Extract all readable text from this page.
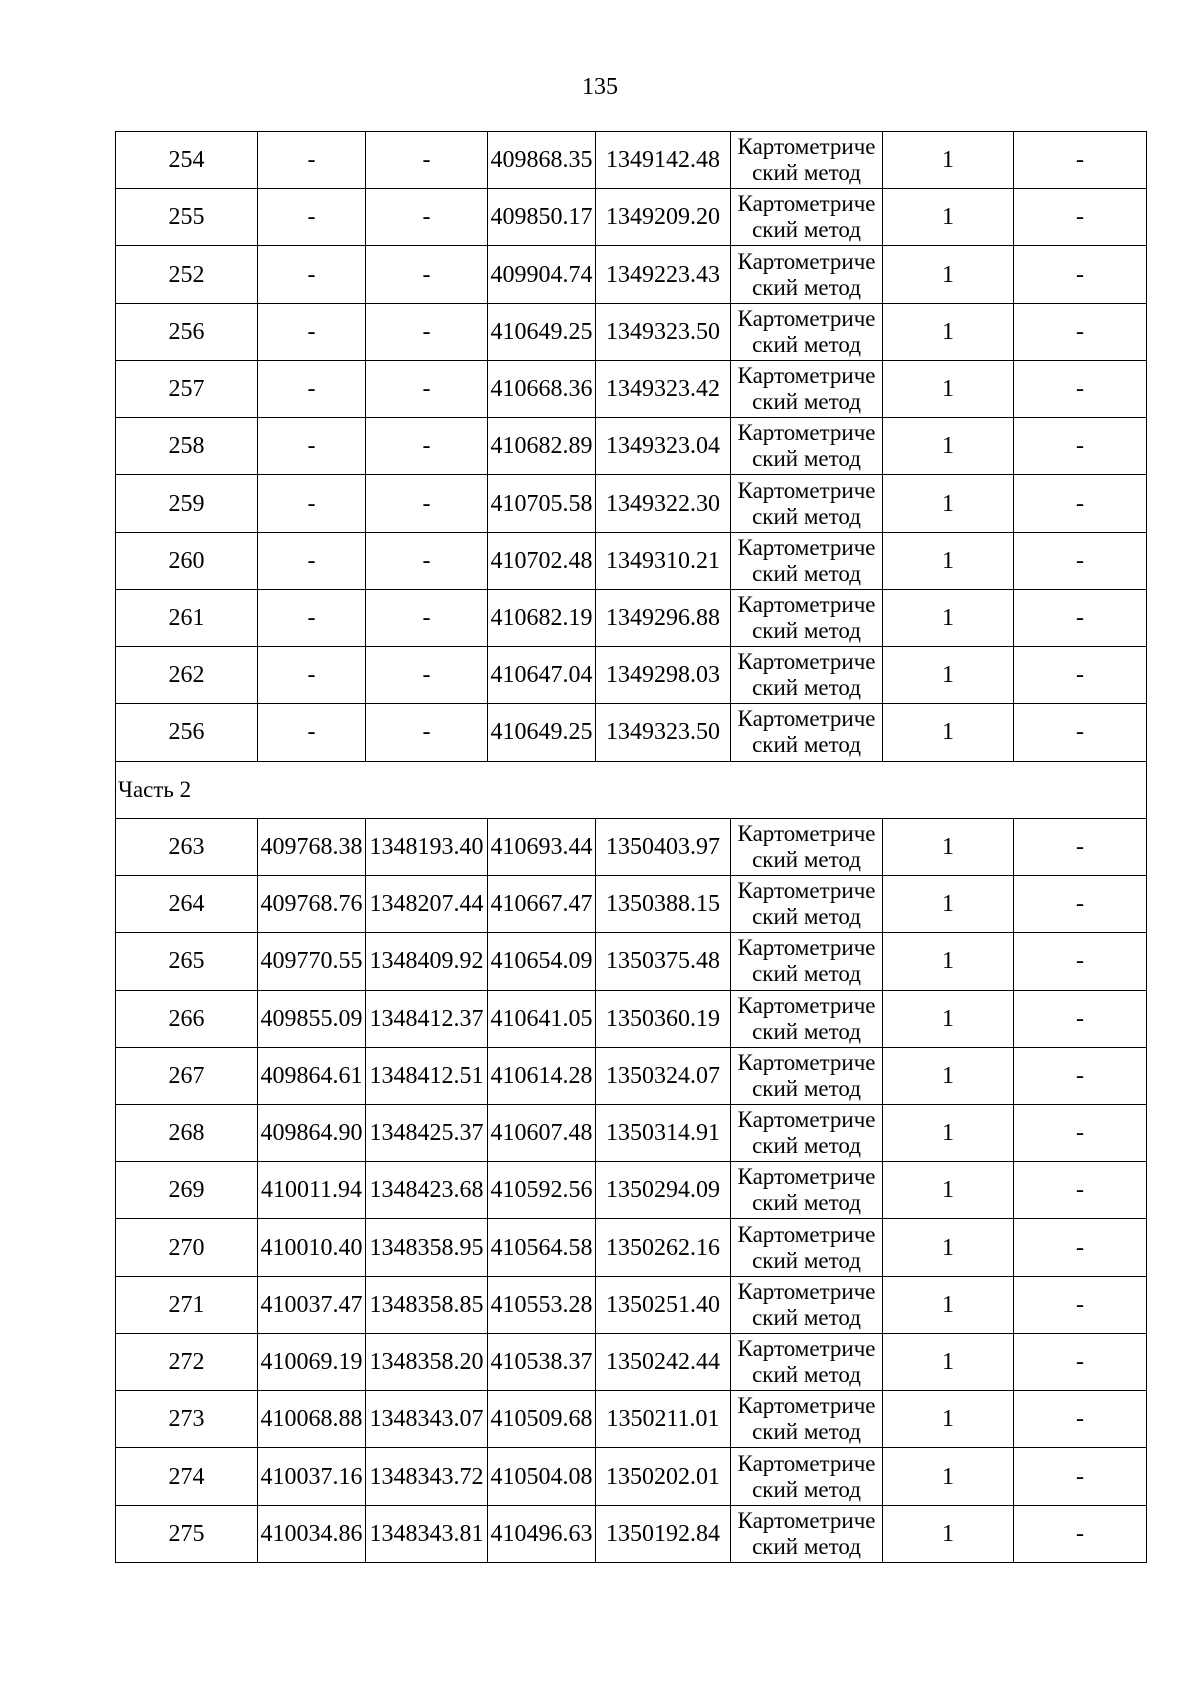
135
254	-	-	409868.35	1349142.48	Картометриче
ский метод	1	-
255	-	-	409850.17	1349209.20	Картометриче
ский метод	1	-
252	-	-	409904.74	1349223.43	Картометриче
ский метод	1	-
256	-	-	410649.25	1349323.50	Картометриче
ский метод	1	-
257	-	-	410668.36	1349323.42	Картометриче
ский метод	1	-
258	-	-	410682.89	1349323.04	Картометриче
ский метод	1	-
259	-	-	410705.58	1349322.30	Картометриче
ский метод	1	-
260	-	-	410702.48	1349310.21	Картометриче
ский метод	1	-
261	-	-	410682.19	1349296.88	Картометриче
ский метод	1	-
262	-	-	410647.04	1349298.03	Картометриче
ский метод	1	-
256	-	-	410649.25	1349323.50	Картометриче
ский метод	1	-
Часть 2							
263	409768.38	1348193.40	410693.44	1350403.97	Картометриче
ский метод	1	-
264	409768.76	1348207.44	410667.47	1350388.15	Картометриче
ский метод	1	-
265	409770.55	1348409.92	410654.09	1350375.48	Картометриче
ский метод	1	-
266	409855.09	1348412.37	410641.05	1350360.19	Картометриче
ский метод	1	-
267	409864.61	1348412.51	410614.28	1350324.07	Картометриче
ский метод	1	-
268	409864.90	1348425.37	410607.48	1350314.91	Картометриче
ский метод	1	-
269	410011.94	1348423.68	410592.56	1350294.09	Картометриче
ский метод	1	-
270	410010.40	1348358.95	410564.58	1350262.16	Картометриче
ский метод	1	-
271	410037.47	1348358.85	410553.28	1350251.40	Картометриче
ский метод	1	-
272	410069.19	1348358.20	410538.37	1350242.44	Картометриче
ский метод	1	-
273	410068.88	1348343.07	410509.68	1350211.01	Картометриче
ский метод	1	-
274	410037.16	1348343.72	410504.08	1350202.01	Картометриче
ский метод	1	-
275	410034.86	1348343.81	410496.63	1350192.84	Картометриче
ский метод	1	-
